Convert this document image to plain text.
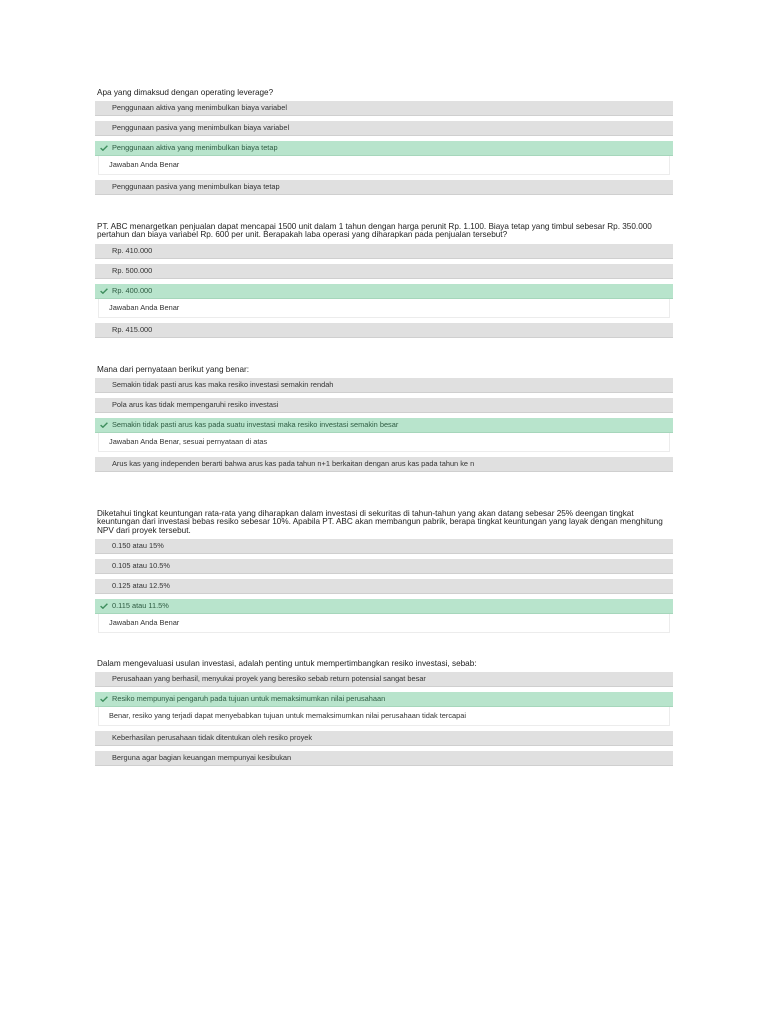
Apa yang dimaksud dengan operating leverage?
Penggunaan aktiva yang menimbulkan biaya variabel
Penggunaan pasiva yang menimbulkan biaya variabel
Penggunaan aktiva yang menimbulkan biaya tetap
Jawaban Anda Benar
Penggunaan pasiva yang menimbulkan biaya tetap
PT. ABC menargetkan penjualan dapat mencapai 1500 unit dalam 1 tahun dengan harga perunit Rp. 1.100. Biaya tetap yang timbul sebesar Rp. 350.000 pertahun dan biaya variabel Rp. 600 per unit. Berapakah laba operasi yang diharapkan pada penjualan tersebut?
Rp. 410.000
Rp. 500.000
Rp. 400.000
Jawaban Anda Benar
Rp. 415.000
Mana dari pernyataan berikut yang benar:
Semakin tidak pasti arus kas maka resiko investasi semakin rendah
Pola arus kas tidak mempengaruhi resiko investasi
Semakin tidak pasti arus kas pada suatu investasi maka resiko investasi semakin besar
Jawaban Anda Benar, sesuai pernyataan di atas
Arus kas yang independen berarti bahwa arus kas pada tahun n+1 berkaitan dengan arus kas pada tahun ke n
Diketahui tingkat keuntungan rata-rata yang diharapkan dalam investasi di sekuritas di tahun-tahun yang akan datang sebesar 25% deengan tingkat keuntungan dari investasi bebas resiko sebesar 10%. Apabila PT. ABC akan membangun pabrik, berapa tingkat keuntungan yang layak dengan menghitung NPV dari proyek tersebut.
0.150 atau 15%
0.105 atau 10.5%
0.125 atau 12.5%
0.115 atau 11.5%
Jawaban Anda Benar
Dalam mengevaluasi usulan investasi, adalah penting untuk mempertimbangkan resiko investasi, sebab:
Perusahaan yang berhasil, menyukai proyek yang beresiko sebab return potensial sangat besar
Resiko mempunyai pengaruh pada tujuan untuk memaksimumkan nilai perusahaan
Benar, resiko yang terjadi dapat menyebabkan tujuan untuk memaksimumkan nilai perusahaan tidak tercapai
Keberhasilan perusahaan tidak ditentukan oleh resiko proyek
Berguna agar bagian keuangan mempunyai kesibukan
